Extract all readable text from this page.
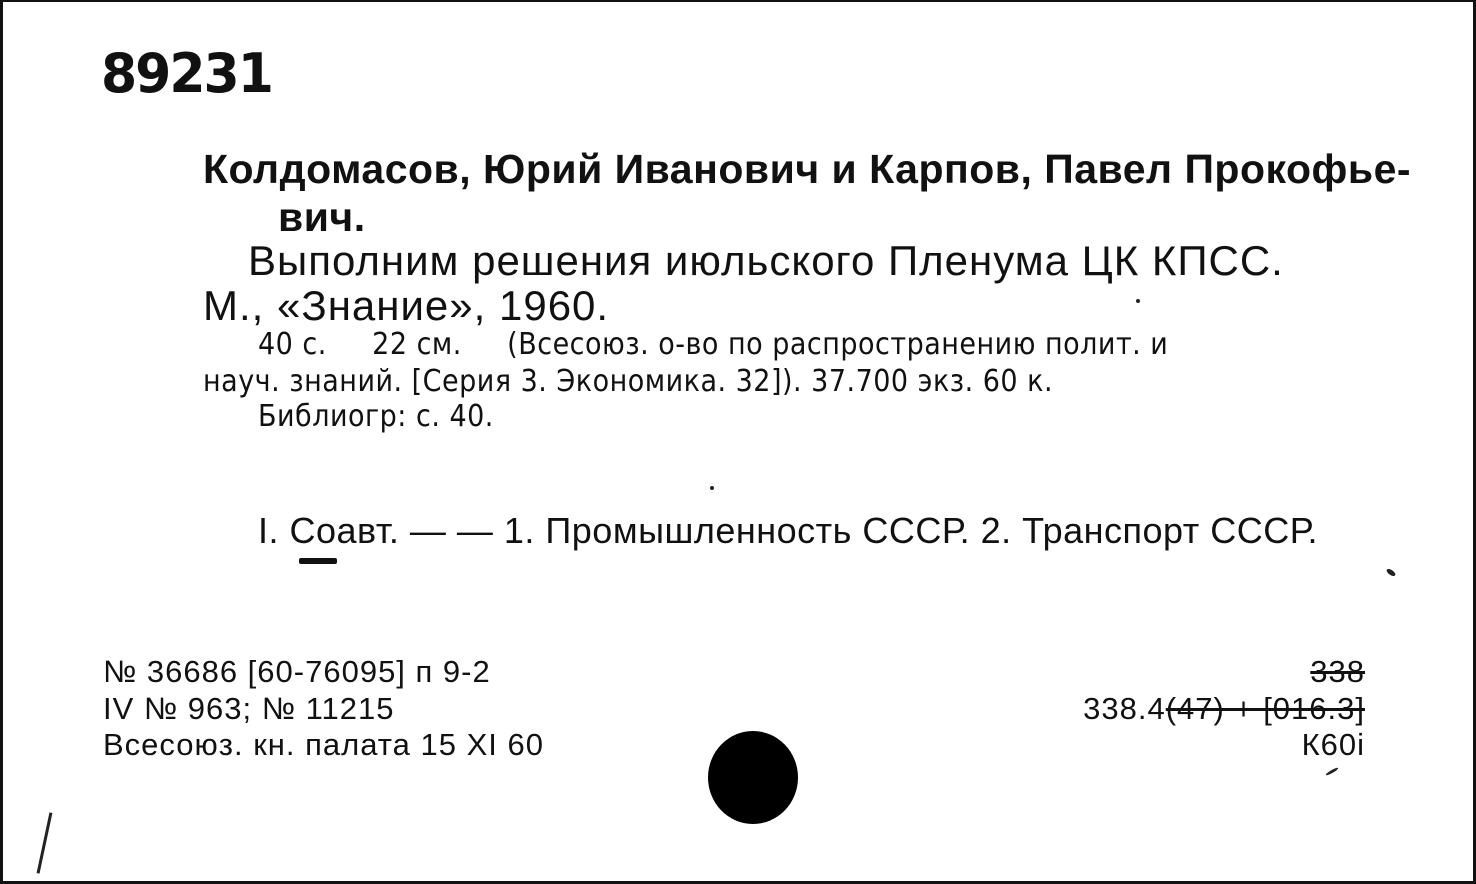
89231
Колдомасов, Юрий Иванович и Карпов, Павел Прокофье-
вич.
Выполним решения июльского Пленума ЦК КПСС.
М., «Знание», 1960.
40 с.     22 см.     (Всесоюз. о-во по распространению полит. и
науч. знаний. [Серия 3. Экономика. 32]). 37.700 экз. 60 к.
Библиогр: с. 40.
I. Соавт. — — 1. Промышленность СССР. 2. Транспорт СССР.
№ 36686 [60-76095] п 9-2
IV № 963; № 11215
Всесоюз. кн. палата 15 XI 60
338
338.4(47) + [016.3]
К60і
